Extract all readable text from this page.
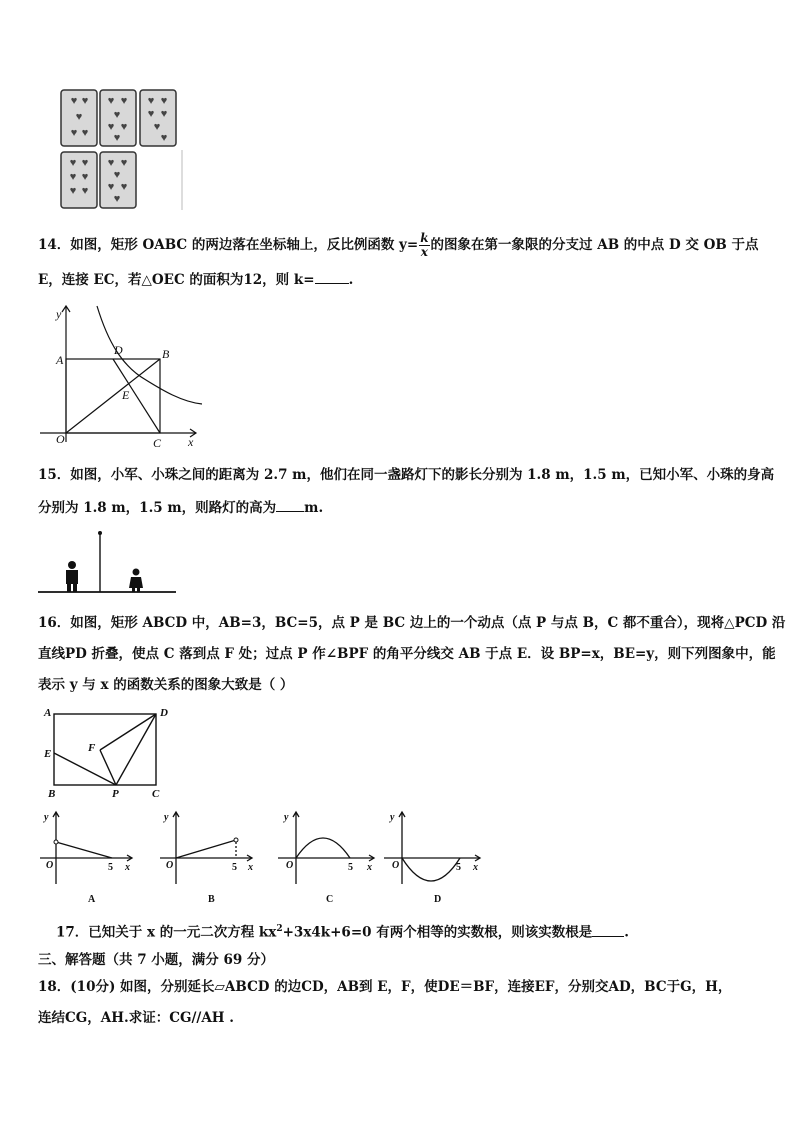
♥ ♥
♥
♥ ♥
♥ ♥
♥
♥ ♥
♥
♥ ♥
♥ ♥
♥
♥
♥ ♥
♥ ♥
♥ ♥
♥ ♥
♥
♥ ♥
♥
14．如图，矩形 OABC 的两边落在坐标轴上，反比例函数 $y= \frac{k}{x}$ 的图象在第一象限的分支过 AB 的中点 D 交 OB 于点
E，连接 EC，若△OEC 的面积为12，则 k=	.
y
A
D	B
E
O	C x
15．如图，小军、小珠之间的距离为 2.7 m，他们在同一盏路灯下的影长分别为 1.8 m，1.5 m，已知小军、小珠的身高
分别为 1.8 m，1.5 m，则路灯的高为 m.
16．如图，矩形 ABCD 中，AB=3，BC=5，点 P 是 BC 边上的一个动点（点 P 与点 B，C 都不重合），现将△PCD 沿
直线PD 折叠，使点 C 落到点 F 处；过点 P 作∠BPF 的角平分线交 AB 于点 E．设 BP=x，BE=y，则下列图象中，能
表示 y 与 x 的函数关系的图象大致是（ ）
A	D
E	F
B	P	C
y
O	5 x
A
y
O	5 x
B
y
O	5 x
C
y
O	5 x
D
17．已知关于 x 的一元二次方程 $kx^2+3x4k+6=0$ 有两个相等的实数根，则该实数根是 .
三、解答题（共 7 小题，满分 69 分）
18．(10分) 如图，分别延长▱ABCD 的边CD，AB到 E，F，使DE＝BF，连接EF，分别交AD，BC于G，H，
连结CG，AH.求证：CG//AH .
